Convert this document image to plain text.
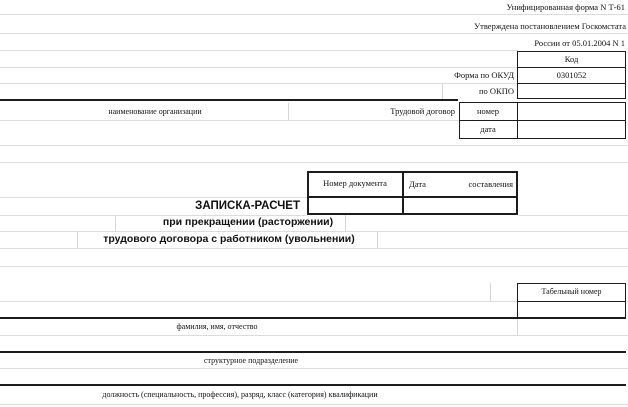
Унифицированная форма N Т-61
Утверждена постановлением Госкомстата
России от 05.01.2004 N 1
Код
Форма по ОКУД	0301052
по ОКПО
наименование организации	Трудовой договор	номер
дата
Номер документа	Дата	составления
ЗАПИСКА-РАСЧЕТ
при прекращении (расторжении)
трудового договора с работником (увольнении)
Табельный номер
фамилия, имя, отчество
структурное подразделение
должность (специальность, профессия), разряд, класс (категория) квалификации
